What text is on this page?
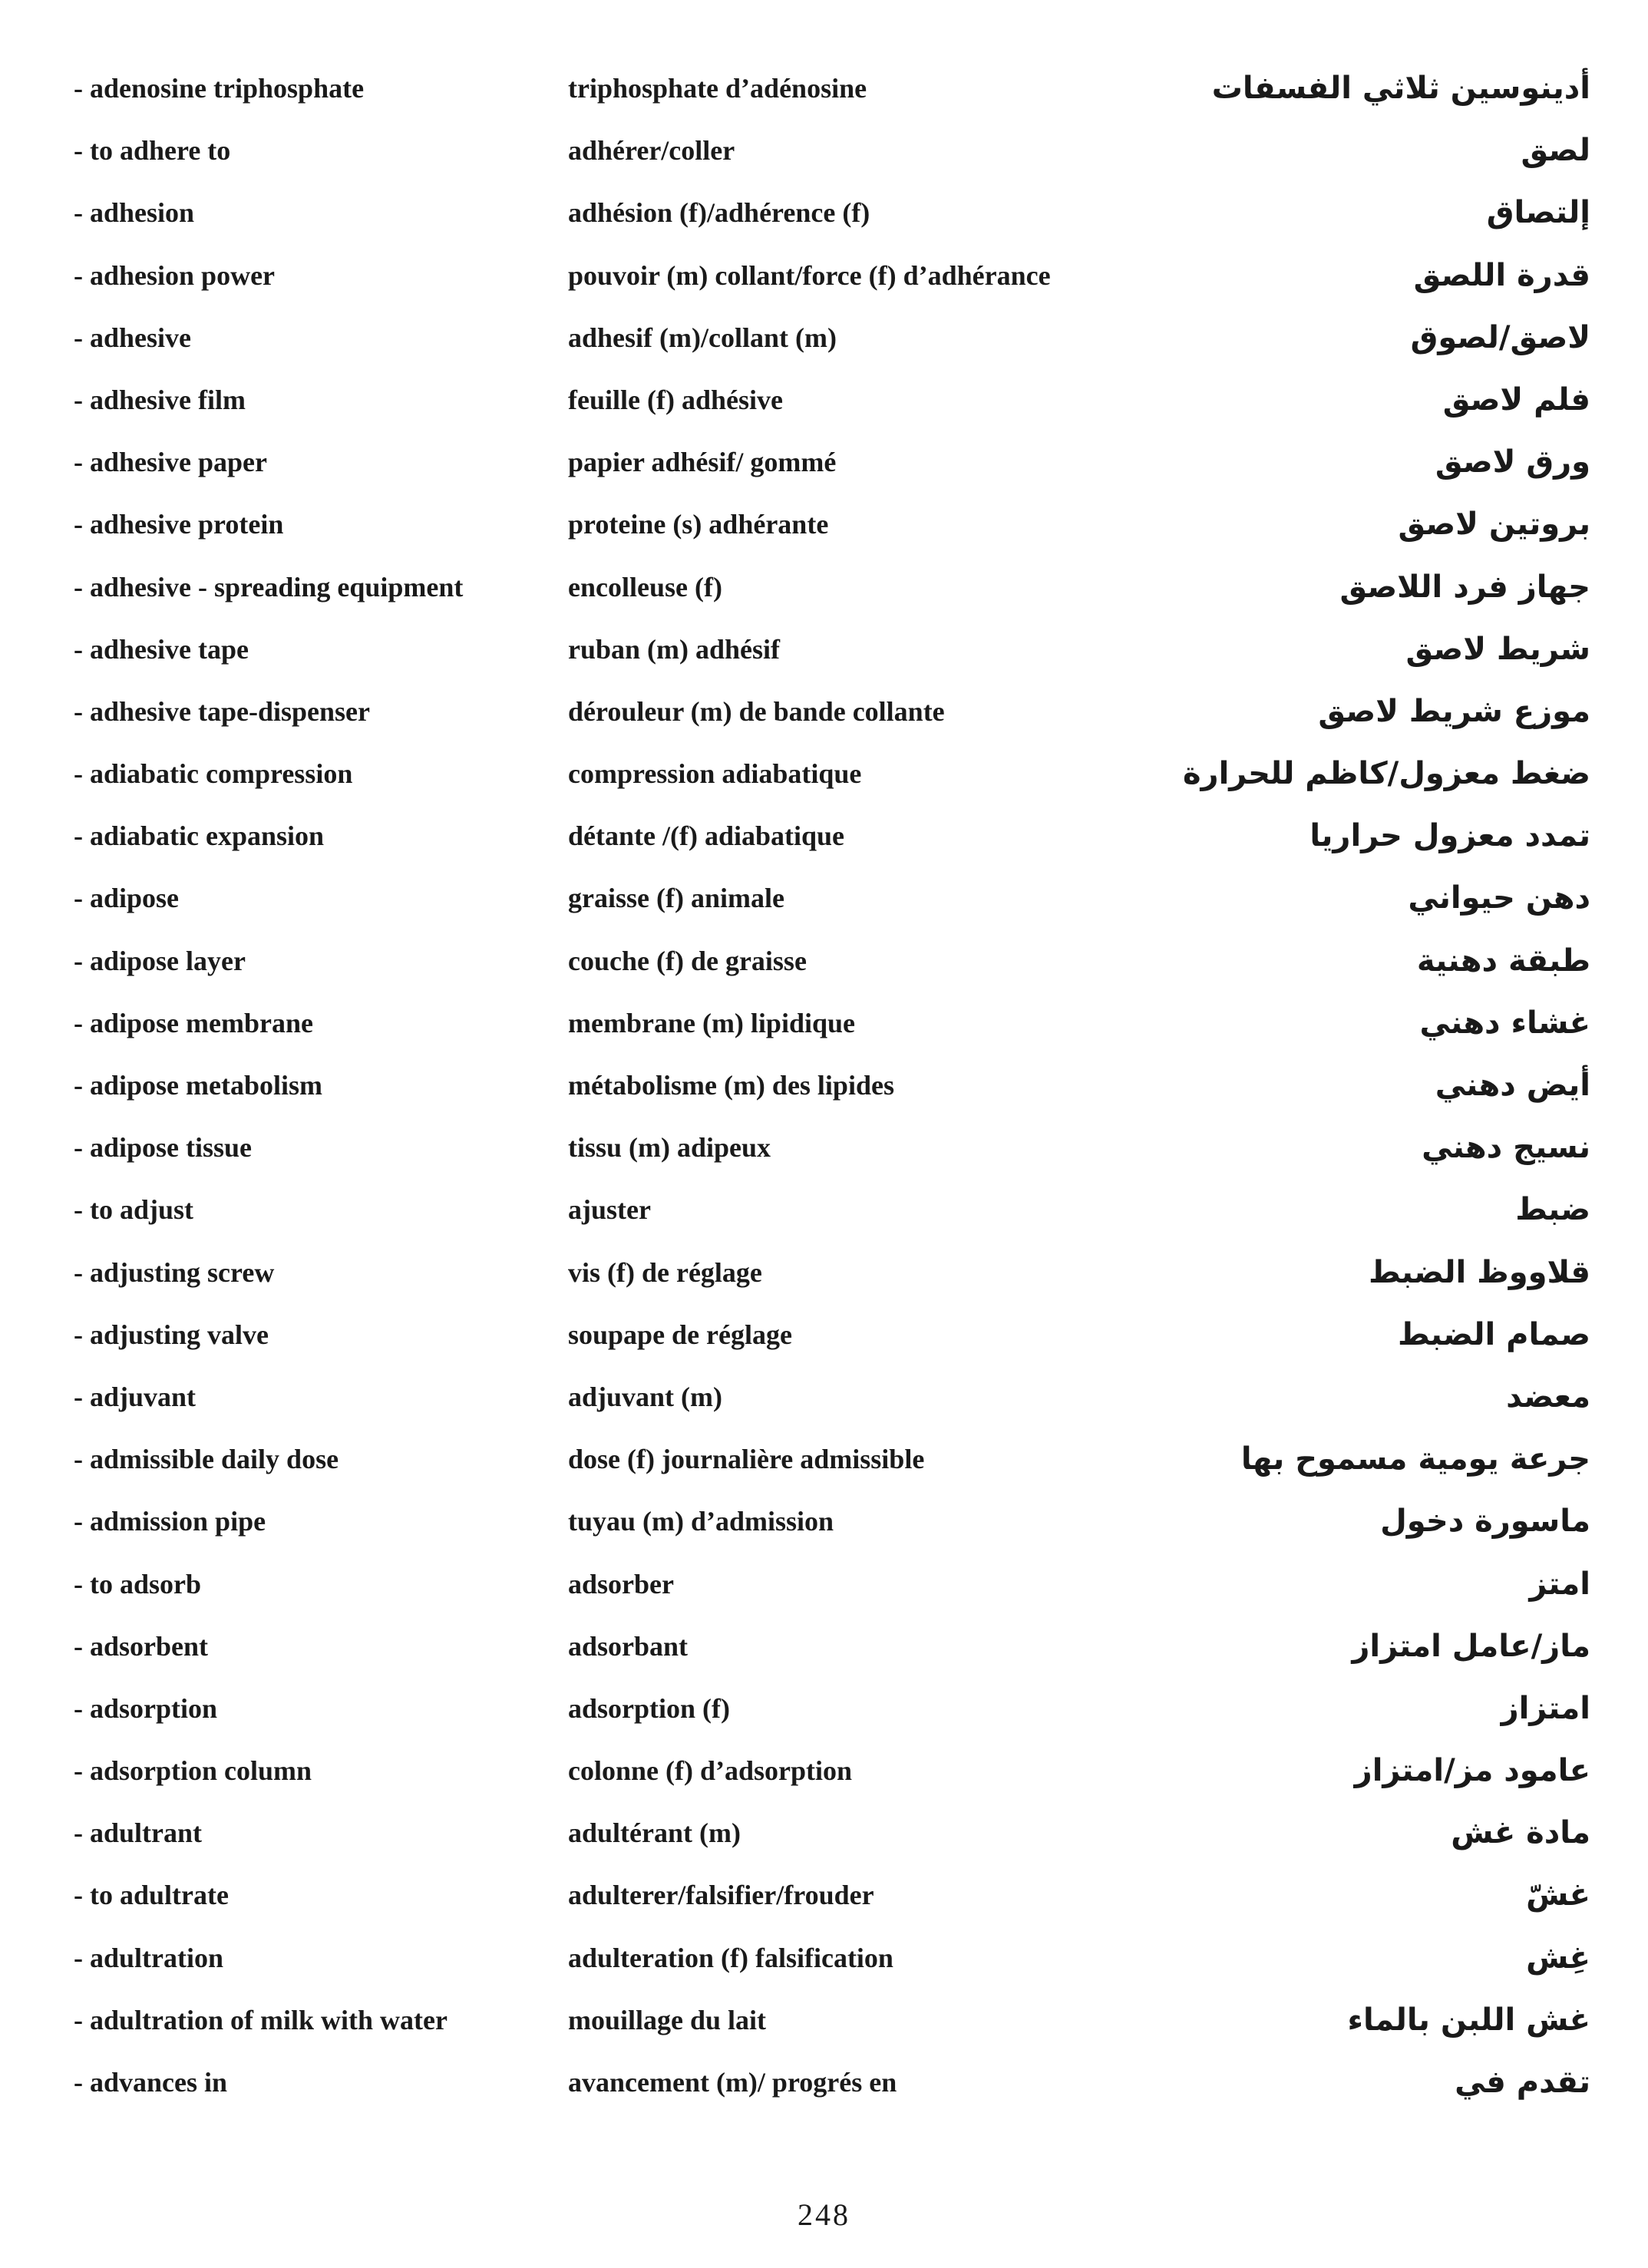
- adenosine triphosphate	triphosphate d’adénosine	أدينوسين ثلاثي الفسفات
- to adhere to	adhérer/coller	لصق
- adhesion	adhésion (f)/adhérence (f)	إلتصاق
- adhesion power	pouvoir (m) collant/force (f) d’adhérance	قدرة اللصق
- adhesive	adhesif (m)/collant (m)	لاصق/لصوق
- adhesive film	feuille (f) adhésive	فلم لاصق
- adhesive paper	papier adhésif/ gommé	ورق لاصق
- adhesive protein	proteine (s) adhérante	بروتين لاصق
- adhesive - spreading equipment	encolleuse (f)	جهاز فرد اللاصق
- adhesive tape	ruban (m) adhésif	شريط لاصق
- adhesive tape-dispenser	dérouleur (m) de bande collante	موزع شريط لاصق
- adiabatic compression	compression adiabatique	ضغط معزول/كاظم للحرارة
- adiabatic expansion	détante /(f) adiabatique	تمدد معزول حراريا
- adipose	graisse (f) animale	دهن حيواني
- adipose layer	couche (f) de graisse	طبقة دهنية
- adipose membrane	membrane (m) lipidique	غشاء دهني
- adipose metabolism	métabolisme (m) des lipides	أيض دهني
- adipose tissue	tissu (m) adipeux	نسيج دهني
- to adjust	ajuster	ضبط
- adjusting screw	vis (f) de réglage	قلاووظ الضبط
- adjusting valve	soupape de réglage	صمام الضبط
- adjuvant	adjuvant (m)	معضد
- admissible daily dose	dose (f) journalière admissible	جرعة يومية مسموح بها
- admission pipe	tuyau (m) d’admission	ماسورة دخول
- to adsorb	adsorber	امتز
- adsorbent	adsorbant	ماز/عامل امتزاز
- adsorption	adsorption (f)	امتزاز
- adsorption column	colonne (f) d’adsorption	عامود مز/امتزاز
- adultrant	adultérant (m)	مادة غش
- to adultrate	adulterer/falsifier/frouder	غشّ
- adultration	adulteration (f) falsification	غِش
- adultration of milk with water	mouillage du lait	غش اللبن بالماء
- advances in	avancement (m)/ progrés en	تقدم في
248
